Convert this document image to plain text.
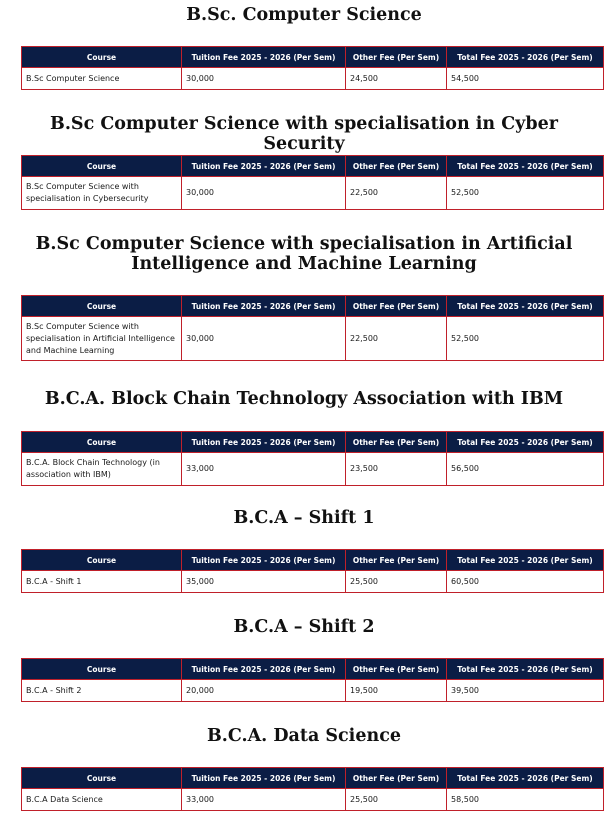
B.Sc. Computer Science
Course	Tuition Fee 2025 - 2026 (Per Sem)	Other Fee (Per Sem)	Total Fee 2025 - 2026 (Per Sem)
B.Sc Computer Science	30,000	24,500	54,500
B.Sc Computer Science with specialisation in Cyber Security
Course	Tuition Fee 2025 - 2026 (Per Sem)	Other Fee (Per Sem)	Total Fee 2025 - 2026 (Per Sem)
B.Sc Computer Science with specialisation in Cybersecurity	30,000	22,500	52,500
B.Sc Computer Science with specialisation in Artificial Intelligence and Machine Learning
Course	Tuition Fee 2025 - 2026 (Per Sem)	Other Fee (Per Sem)	Total Fee 2025 - 2026 (Per Sem)
B.Sc Computer Science with specialisation in Artificial Intelligence and Machine Learning	30,000	22,500	52,500
B.C.A. Block Chain Technology Association with IBM
Course	Tuition Fee 2025 - 2026 (Per Sem)	Other Fee (Per Sem)	Total Fee 2025 - 2026 (Per Sem)
B.C.A. Block Chain Technology (in association with IBM)	33,000	23,500	56,500
B.C.A – Shift 1
Course	Tuition Fee 2025 - 2026 (Per Sem)	Other Fee (Per Sem)	Total Fee 2025 - 2026 (Per Sem)
B.C.A - Shift 1	35,000	25,500	60,500
B.C.A – Shift 2
Course	Tuition Fee 2025 - 2026 (Per Sem)	Other Fee (Per Sem)	Total Fee 2025 - 2026 (Per Sem)
B.C.A - Shift 2	20,000	19,500	39,500
B.C.A. Data Science
Course	Tuition Fee 2025 - 2026 (Per Sem)	Other Fee (Per Sem)	Total Fee 2025 - 2026 (Per Sem)
B.C.A Data Science	33,000	25,500	58,500
